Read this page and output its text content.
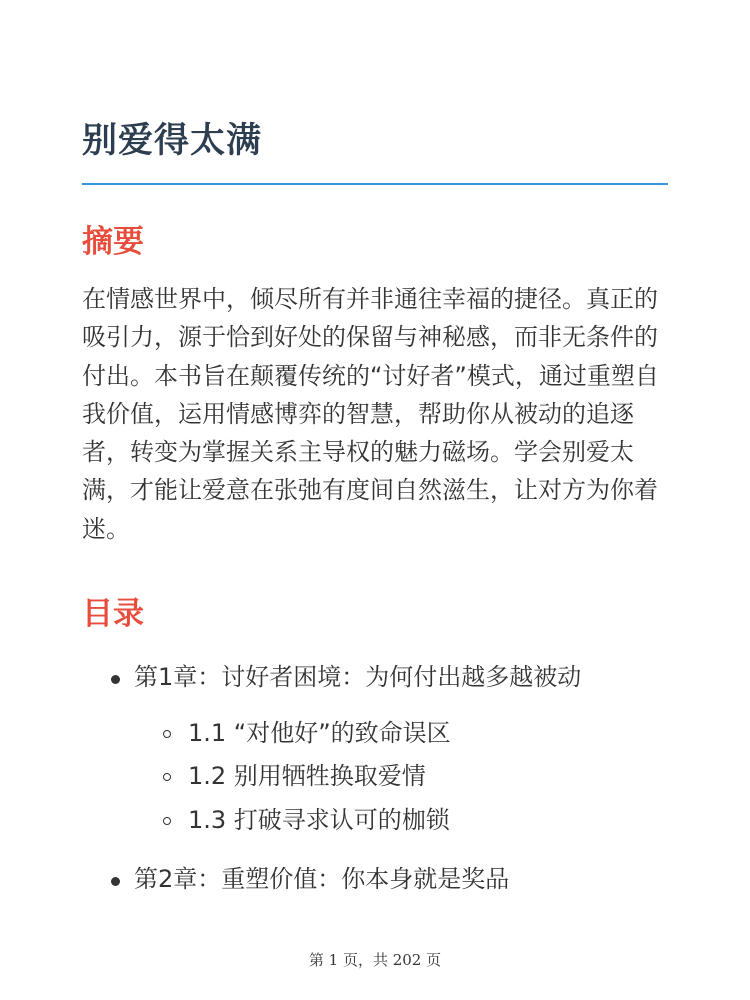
别爱得太满
摘要

在情感世界中，倾尽所有并非通往幸福的捷径。真正的吸引力，源于恰到好处的保留与神秘感，而非无条件的付出。本书旨在颠覆传统的“讨好者”模式，通过重塑自我价值，运用情感博弈的智慧，帮助你从被动的追逐者，转变为掌握关系主导权的魅力磁场。学会别爱太满，才能让爱意在张弛有度间自然滋生，让对方为你着迷。

目录
第1章：讨好者困境：为何付出越多越被动
1.1 “对他好”的致命误区
1.2 别用牺牲换取爱情
1.3 打破寻求认可的枷锁
第2章：重塑价值：你本身就是奖品
第 1 页，共 202 页
